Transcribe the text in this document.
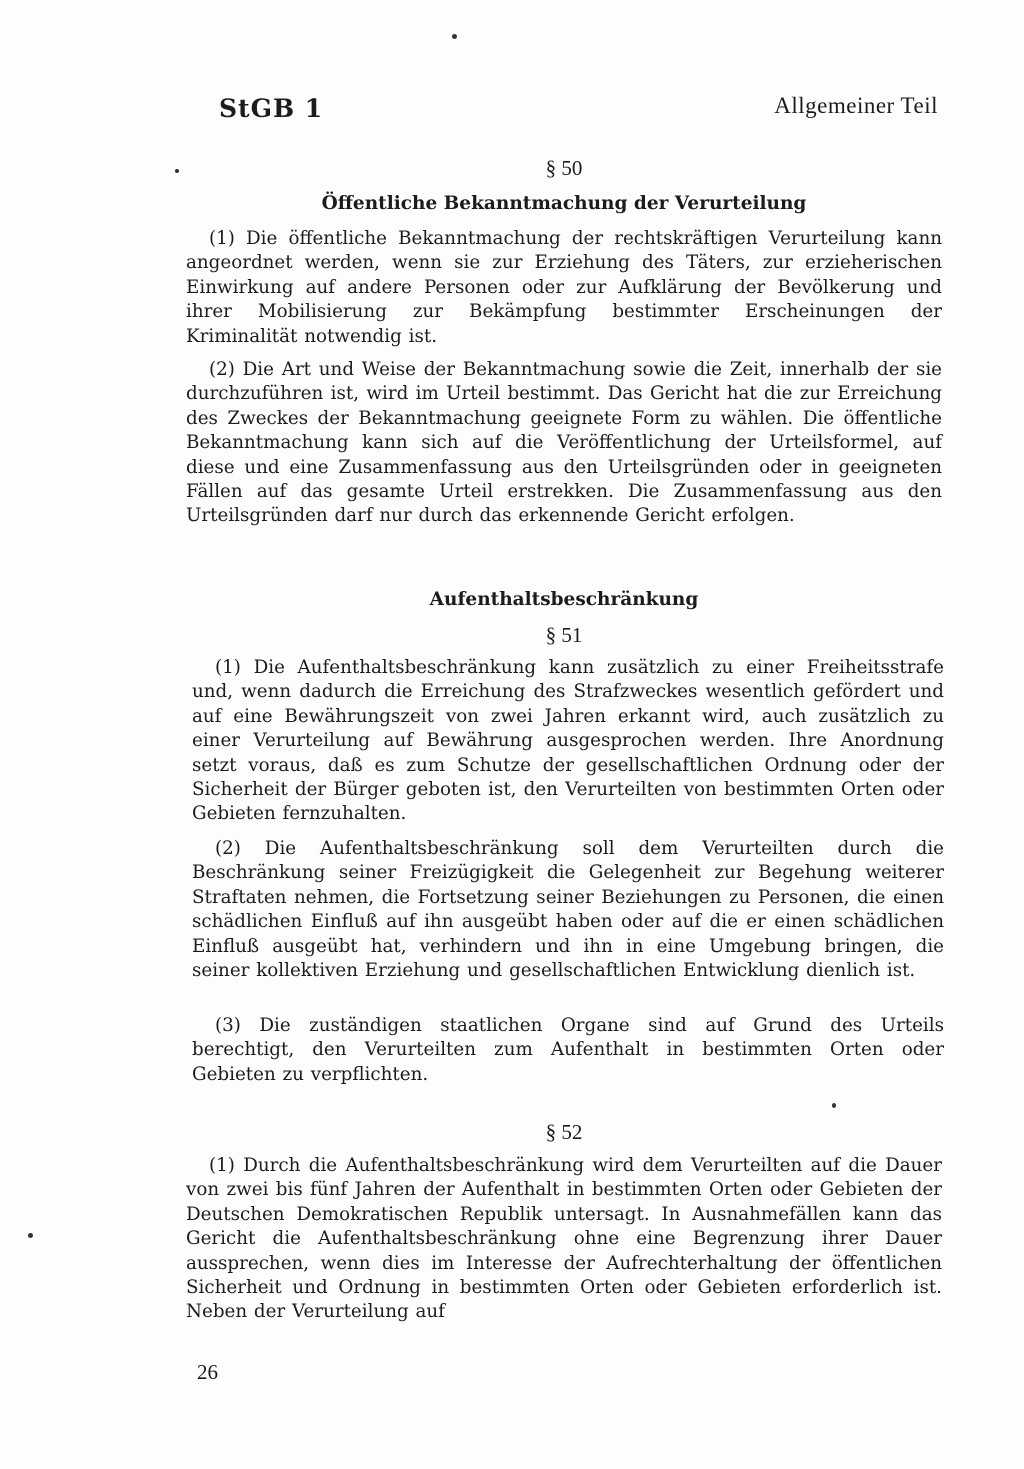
StGB 1	Allgemeiner Teil
§ 50
Öffentliche Bekanntmachung der Verurteilung

(1) Die öffentliche Bekanntmachung der rechtskräftigen Verurteilung kann angeordnet werden, wenn sie zur Erziehung des Täters, zur erzieherischen Einwirkung auf andere Personen oder zur Aufklärung der Bevölkerung und ihrer Mobilisierung zur Bekämpfung bestimmter Erscheinungen der Kriminalität notwendig ist.

(2) Die Art und Weise der Bekanntmachung sowie die Zeit, innerhalb der sie durchzuführen ist, wird im Urteil bestimmt. Das Gericht hat die zur Erreichung des Zweckes der Bekanntmachung geeignete Form zu wählen. Die öffentliche Bekanntmachung kann sich auf die Veröffentlichung der Urteilsformel, auf diese und eine Zusammenfassung aus den Urteilsgründen oder in geeigneten Fällen auf das gesamte Urteil erstrekken. Die Zusammenfassung aus den Urteilsgründen darf nur durch das erkennende Gericht erfolgen.

Aufenthaltsbeschränkung
§ 51

(1) Die Aufenthaltsbeschränkung kann zusätzlich zu einer Freiheitsstrafe und, wenn dadurch die Erreichung des Strafzweckes wesentlich gefördert und auf eine Bewährungszeit von zwei Jahren erkannt wird, auch zusätzlich zu einer Verurteilung auf Bewährung ausgesprochen werden. Ihre Anordnung setzt voraus, daß es zum Schutze der gesellschaftlichen Ordnung oder der Sicherheit der Bürger geboten ist, den Verurteilten von bestimmten Orten oder Gebieten fernzuhalten.

(2) Die Aufenthaltsbeschränkung soll dem Verurteilten durch die Beschränkung seiner Freizügigkeit die Gelegenheit zur Begehung weiterer Straftaten nehmen, die Fortsetzung seiner Beziehungen zu Personen, die einen schädlichen Einfluß auf ihn ausgeübt haben oder auf die er einen schädlichen Einfluß ausgeübt hat, verhindern und ihn in eine Umgebung bringen, die seiner kollektiven Erziehung und gesellschaftlichen Entwicklung dienlich ist.

(3) Die zuständigen staatlichen Organe sind auf Grund des Urteils berechtigt, den Verurteilten zum Aufenthalt in bestimmten Orten oder Gebieten zu verpflichten.

§ 52

(1) Durch die Aufenthaltsbeschränkung wird dem Verurteilten auf die Dauer von zwei bis fünf Jahren der Aufenthalt in bestimmten Orten oder Gebieten der Deutschen Demokratischen Republik untersagt. In Ausnahmefällen kann das Gericht die Aufenthaltsbeschränkung ohne eine Begrenzung ihrer Dauer aussprechen, wenn dies im Interesse der Aufrechterhaltung der öffentlichen Sicherheit und Ordnung in bestimmten Orten oder Gebieten erforderlich ist. Neben der Verurteilung auf

26
